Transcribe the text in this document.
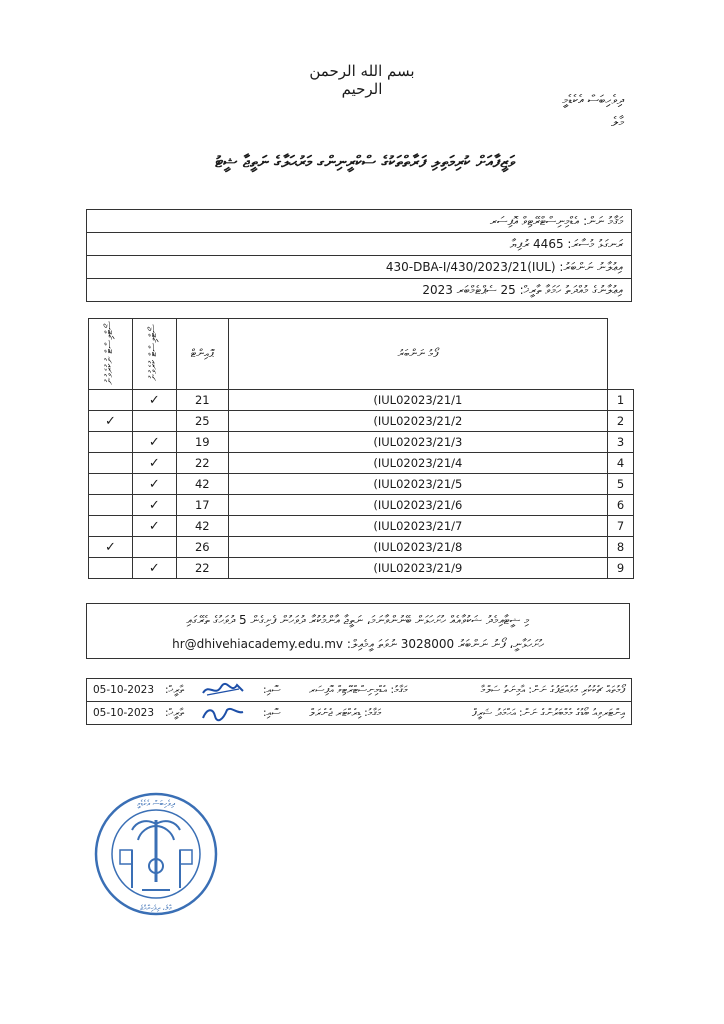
بسم الله الرحمن الرحيم
ދިވެހިބަސް އެކެޑެމީ
މާލެ
ވަޒީފާއަށް ކުރިމަތިލި ފަރާތްތަކުގެ ސްކްރީނިންގ މަރުޙަލާގެ ނަތީޖާ ޝީޓު
މަޤާމު ނަން: އެޑްމިނިސްޓްރޭޓިވް އޮފިސަރ
ރަނގަޅު މުސާރަ: 4465 ރުފިޔާ
އިޢުލާނު ނަންބަރު: (IUL)430-DBA-I/430/2023/21
އިޢުލާނުގެ މުއްދަތު ހަމަވާ ތާރީޚް: 25 ސެޕްޓެމްބަރ 2023
ޝޯޓްލިސްޓް ނުކުރެވުނު	ޝޯޓްލިސްޓް ކުރެވުނު	ޕޮއިންޓް	ފޯމު ނަންބަރު	
	✓	21	(IUL02023/21/1	1
✓		25	(IUL02023/21/2	2
	✓	19	(IUL02023/21/3	3
	✓	22	(IUL02023/21/4	4
	✓	42	(IUL02023/21/5	5
	✓	17	(IUL02023/21/6	6
	✓	42	(IUL02023/21/7	7
✓		26	(IUL02023/21/8	8
	✓	22	(IUL02023/21/9	9
މި ޝީޓާއިމެދު ޝަކުވާއެއް ހުށަހަޅަން ބޭނުންވާނަމަ، ނަތީޖާ އާންމުކުރާ ދުވަހުން ފެށިގެން 5 ދުވަހުގެ ތެރޭގައި
ހުށަހަޅާނީ، ފޯނު ނަންބަރު 3028000 ނުވަތަ އީމެއިލް: hr@dhivehiacademy.edu.mv
05-10-2023 ތާރީޚް:	ސޮއި:	މަޤާމު: އެޑްމިނިސްޓްރޭޓިވް އޮފިސަރ	ފޯމުތައް ޗެކުކުރި މުވައްޒަފުގެ ނަން: އާމިނަތު ސަލްމާ
05-10-2023 ތާރީޚް:	ސޮއި:	މަޤާމު: ޑިރެކްޓަރ ޖެނެރަލް	އިންޓަރވިއު ބޯޑުގެ މެމްބަރުންގެ ނަން: އަޙްމަދު ޝަރީފް
ދިވެހިބަސް އެކެޑެމީ
މާލެ، ދިވެހިރާއްޖެ
